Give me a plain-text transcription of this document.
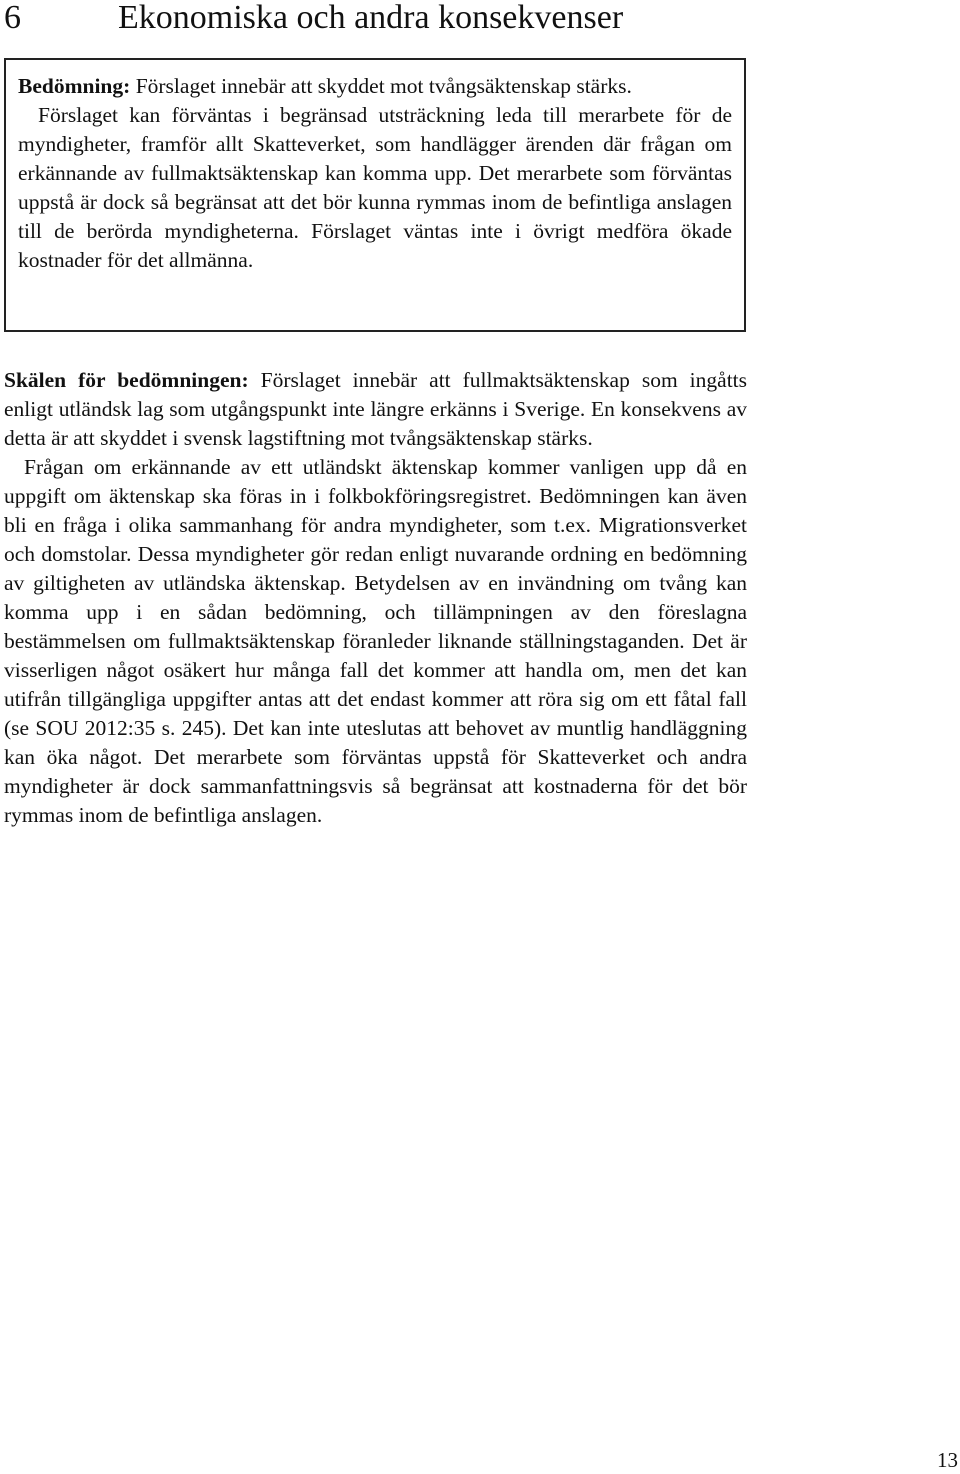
6	Ekonomiska och andra konsekvenser

Bedömning: Förslaget innebär att skyddet mot tvångsäktenskap stärks.

Förslaget kan förväntas i begränsad utsträckning leda till merarbete för de myndigheter, framför allt Skatteverket, som handlägger ärenden där frågan om erkännande av fullmaktsäktenskap kan komma upp. Det merarbete som förväntas uppstå är dock så begränsat att det bör kunna rymmas inom de befintliga anslagen till de berörda myndigheterna. Förslaget väntas inte i övrigt medföra ökade kostnader för det allmänna.

Skälen för bedömningen: Förslaget innebär att fullmaktsäktenskap som ingåtts enligt utländsk lag som utgångspunkt inte längre erkänns i Sverige. En konsekvens av detta är att skyddet i svensk lagstiftning mot tvångsäktenskap stärks.

Frågan om erkännande av ett utländskt äktenskap kommer vanligen upp då en uppgift om äktenskap ska föras in i folkbokföringsregistret. Bedömningen kan även bli en fråga i olika sammanhang för andra myndigheter, som t.ex. Migrationsverket och domstolar. Dessa myndigheter gör redan enligt nuvarande ordning en bedömning av giltigheten av utländska äktenskap. Betydelsen av en invändning om tvång kan komma upp i en sådan bedömning, och tillämpningen av den föreslagna bestämmelsen om fullmaktsäktenskap föranleder liknande ställningstaganden. Det är visserligen något osäkert hur många fall det kommer att handla om, men det kan utifrån tillgängliga uppgifter antas att det endast kommer att röra sig om ett fåtal fall (se SOU 2012:35 s. 245). Det kan inte uteslutas att behovet av muntlig handläggning kan öka något. Det merarbete som förväntas uppstå för Skatteverket och andra myndigheter är dock sammanfattningsvis så begränsat att kostnaderna för det bör rymmas inom de befintliga anslagen.

13
